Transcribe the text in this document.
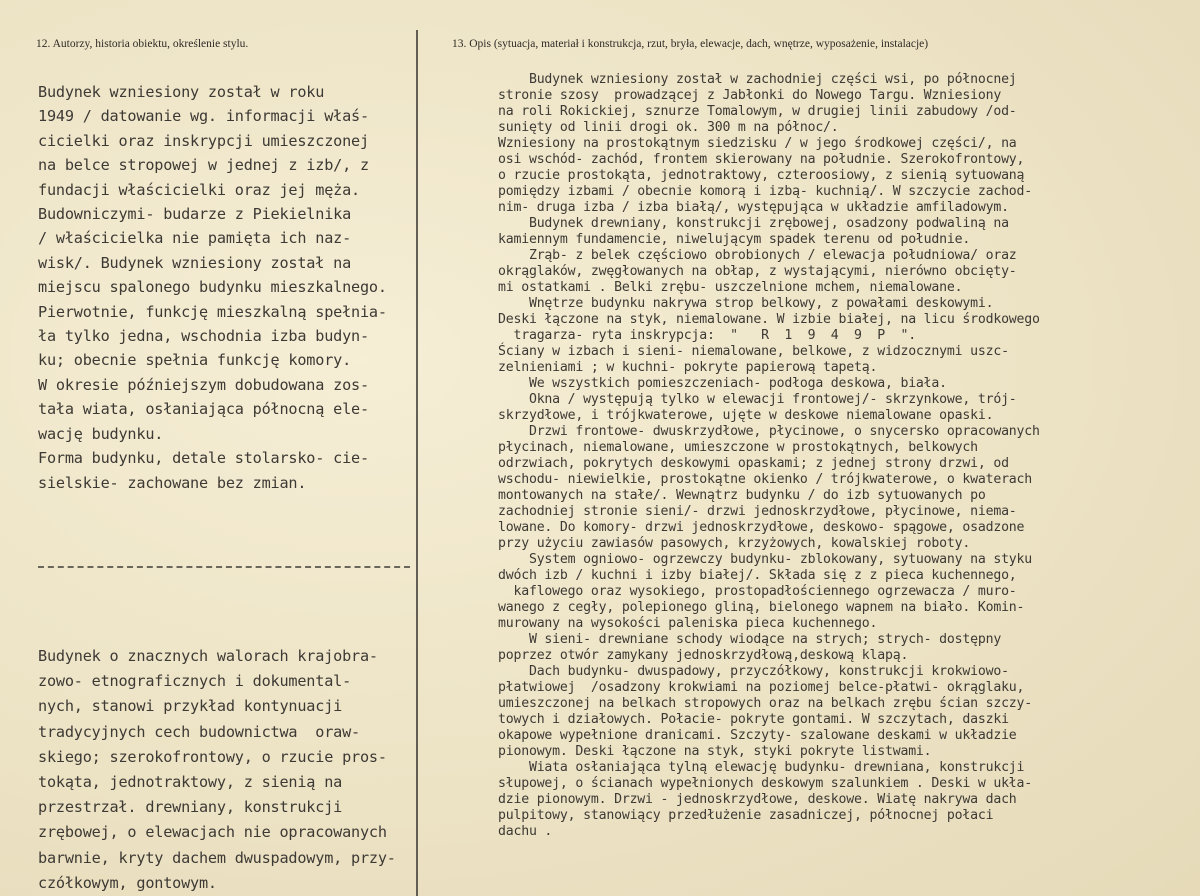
12. Autorzy, historia obiektu, określenie stylu.	13. Opis (sytuacja, materiał i konstrukcja, rzut, bryła, elewacje, dach, wnętrze, wyposażenie, instalacje)
Budynek wzniesiony został w roku
1949 / datowanie wg. informacji właś-
cicielki oraz inskrypcji umieszczonej
na belce stropowej w jednej z izb/, z
fundacji właścicielki oraz jej męża.
Budowniczymi- budarze z Piekielnika
/ właścicielka nie pamięta ich naz-
wisk/. Budynek wzniesiony został na
miejscu spalonego budynku mieszkalnego.
Pierwotnie, funkcję mieszkalną spełnia-
ła tylko jedna, wschodnia izba budyn-
ku; obecnie spełnia funkcję komory.
W okresie późniejszym dobudowana zos-
tała wiata, osłaniająca północną ele-
wację budynku.
Forma budynku, detale stolarsko- cie-
sielskie- zachowane bez zmian.
Budynek o znacznych walorach krajobra-
zowo- etnograficznych i dokumental-
nych, stanowi przykład kontynuacji
tradycyjnych cech budownictwa  oraw-
skiego; szerokofrontowy, o rzucie pros-
tokąta, jednotraktowy, z sienią na
przestrzał. drewniany, konstrukcji
zrębowej, o elewacjach nie opracowanych
barwnie, kryty dachem dwuspadowym, przy-
czółkowym, gontowym.
Budynek wzniesiony został w zachodniej części wsi, po północnej
stronie szosy  prowadzącej z Jabłonki do Nowego Targu. Wzniesiony
na roli Rokickiej, sznurze Tomalowym, w drugiej linii zabudowy /od-
sunięty od linii drogi ok. 300 m na północ/.
Wzniesiony na prostokątnym siedzisku / w jego środkowej części/, na
osi wschód- zachód, frontem skierowany na południe. Szerokofrontowy,
o rzucie prostokąta, jednotraktowy, czteroosiowy, z sienią sytuowaną
pomiędzy izbami / obecnie komorą i izbą- kuchnią/. W szczycie zachod-
nim- druga izba / izba białą/, występująca w układzie amfiladowym.
Budynek drewniany, konstrukcji zrębowej, osadzony podwaliną na
kamiennym fundamencie, niwelującym spadek terenu od południe.
Zrąb- z belek częściowo obrobionych / elewacja południowa/ oraz
okrąglaków, zwęgłowanych na obłap, z wystającymi, nierówno obcięty-
mi ostatkami . Belki zrębu- uszczelnione mchem, niemalowane.
Wnętrze budynku nakrywa strop belkowy, z powałami deskowymi.
Deski łączone na styk, niemalowane. W izbie białej, na licu środkowego
tragarza- ryta inskrypcja:  "   R  1  9  4  9  P  ".
Ściany w izbach i sieni- niemalowane, belkowe, z widzocznymi uszc-
zelnieniami ; w kuchni- pokryte papierową tapetą.
We wszystkich pomieszczeniach- podłoga deskowa, biała.
Okna / występują tylko w elewacji frontowej/- skrzynkowe, trój-
skrzydłowe, i trójkwaterowe, ujęte w deskowe niemalowane opaski.
Drzwi frontowe- dwuskrzydłowe, płycinowe, o snycersko opracowanych
płycinach, niemalowane, umieszczone w prostokątnych, belkowych
odrzwiach, pokrytych deskowymi opaskami; z jednej strony drzwi, od
wschodu- niewielkie, prostokątne okienko / trójkwaterowe, o kwaterach
montowanych na stałe/. Wewnątrz budynku / do izb sytuowanych po
zachodniej stronie sieni/- drzwi jednoskrzydłowe, płycinowe, niema-
lowane. Do komory- drzwi jednoskrzydłowe, deskowo- spągowe, osadzone
przy użyciu zawiasów pasowych, krzyżowych, kowalskiej roboty.
System ogniowo- ogrzewczy budynku- zblokowany, sytuowany na styku
dwóch izb / kuchni i izby białej/. Składa się z z pieca kuchennego,
kaflowego oraz wysokiego, prostopadłościennego ogrzewacza / muro-
wanego z cegły, polepionego gliną, bielonego wapnem na biało. Komin-
murowany na wysokości paleniska pieca kuchennego.
W sieni- drewniane schody wiodące na strych; strych- dostępny
poprzez otwór zamykany jednoskrzydłową,deskową klapą.
Dach budynku- dwuspadowy, przyczółkowy, konstrukcji krokwiowo-
płatwiowej  /osadzony krokwiami na poziomej belce-płatwi- okrąglaku,
umieszczonej na belkach stropowych oraz na belkach zrębu ścian szczy-
towych i działowych. Połacie- pokryte gontami. W szczytach, daszki
okapowe wypełnione dranicami. Szczyty- szalowane deskami w układzie
pionowym. Deski łączone na styk, styki pokryte listwami.
Wiata osłaniająca tylną elewację budynku- drewniana, konstrukcji
słupowej, o ścianach wypełnionych deskowym szalunkiem . Deski w ukła-
dzie pionowym. Drzwi - jednoskrzydłowe, deskowe. Wiatę nakrywa dach
pulpitowy, stanowiący przedłużenie zasadniczej, północnej połaci
dachu .
